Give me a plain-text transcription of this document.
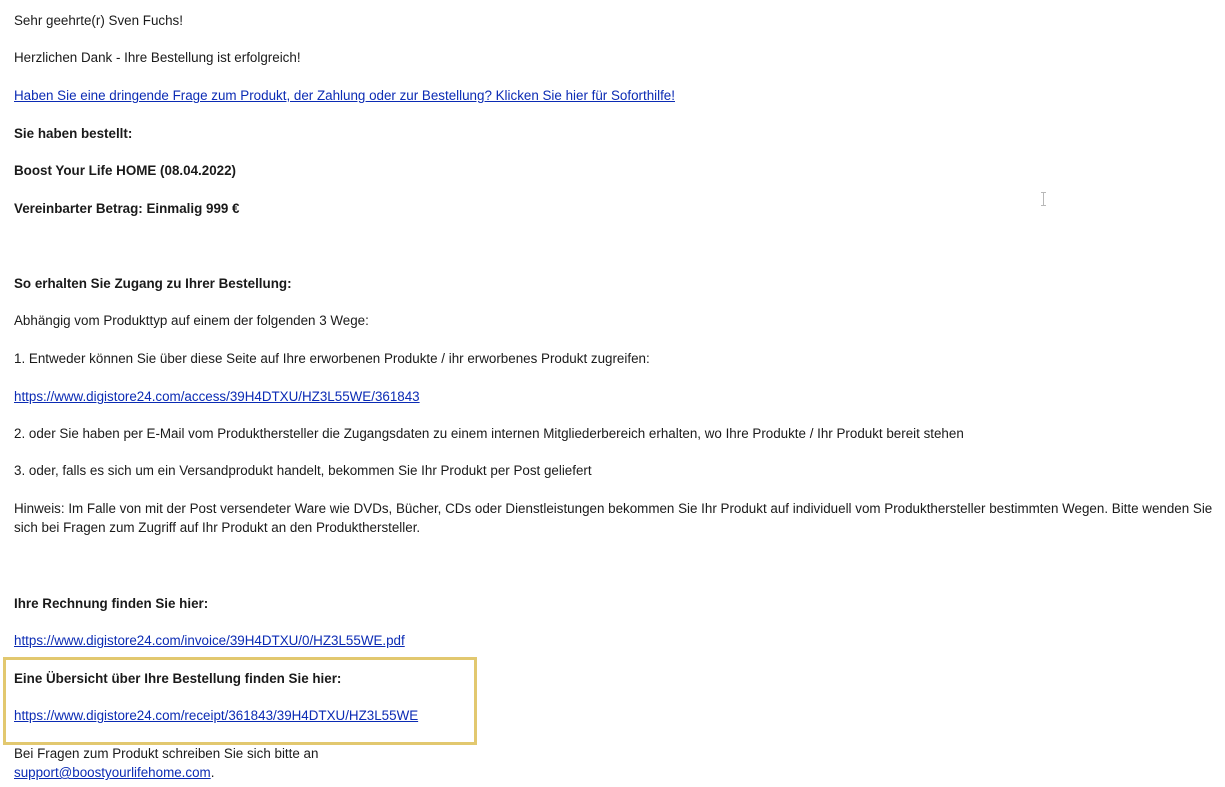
Sehr geehrte(r) Sven Fuchs!

Herzlichen Dank - Ihre Bestellung ist erfolgreich!

Haben Sie eine dringende Frage zum Produkt, der Zahlung oder zur Bestellung? Klicken Sie hier für Soforthilfe!

Sie haben bestellt:

Boost Your Life HOME (08.04.2022)

Vereinbarter Betrag: Einmalig 999 €

So erhalten Sie Zugang zu Ihrer Bestellung:

Abhängig vom Produkttyp auf einem der folgenden 3 Wege:

1. Entweder können Sie über diese Seite auf Ihre erworbenen Produkte / ihr erworbenes Produkt zugreifen:

https://www.digistore24.com/access/39H4DTXU/HZ3L55WE/361843

2. oder Sie haben per E-Mail vom Produkthersteller die Zugangsdaten zu einem internen Mitgliederbereich erhalten, wo Ihre Produkte / Ihr Produkt bereit stehen

3. oder, falls es sich um ein Versandprodukt handelt, bekommen Sie Ihr Produkt per Post geliefert

Hinweis: Im Falle von mit der Post versendeter Ware wie DVDs, Bücher, CDs oder Dienstleistungen bekommen Sie Ihr Produkt auf individuell vom Produkthersteller bestimmten Wegen. Bitte wenden Sie sich bei Fragen zum Zugriff auf Ihr Produkt an den Produkthersteller.

Ihre Rechnung finden Sie hier:

https://www.digistore24.com/invoice/39H4DTXU/0/HZ3L55WE.pdf

Eine Übersicht über Ihre Bestellung finden Sie hier:

https://www.digistore24.com/receipt/361843/39H4DTXU/HZ3L55WE

Bei Fragen zum Produkt schreiben Sie sich bitte an

support@boostyourlifehome.com.
